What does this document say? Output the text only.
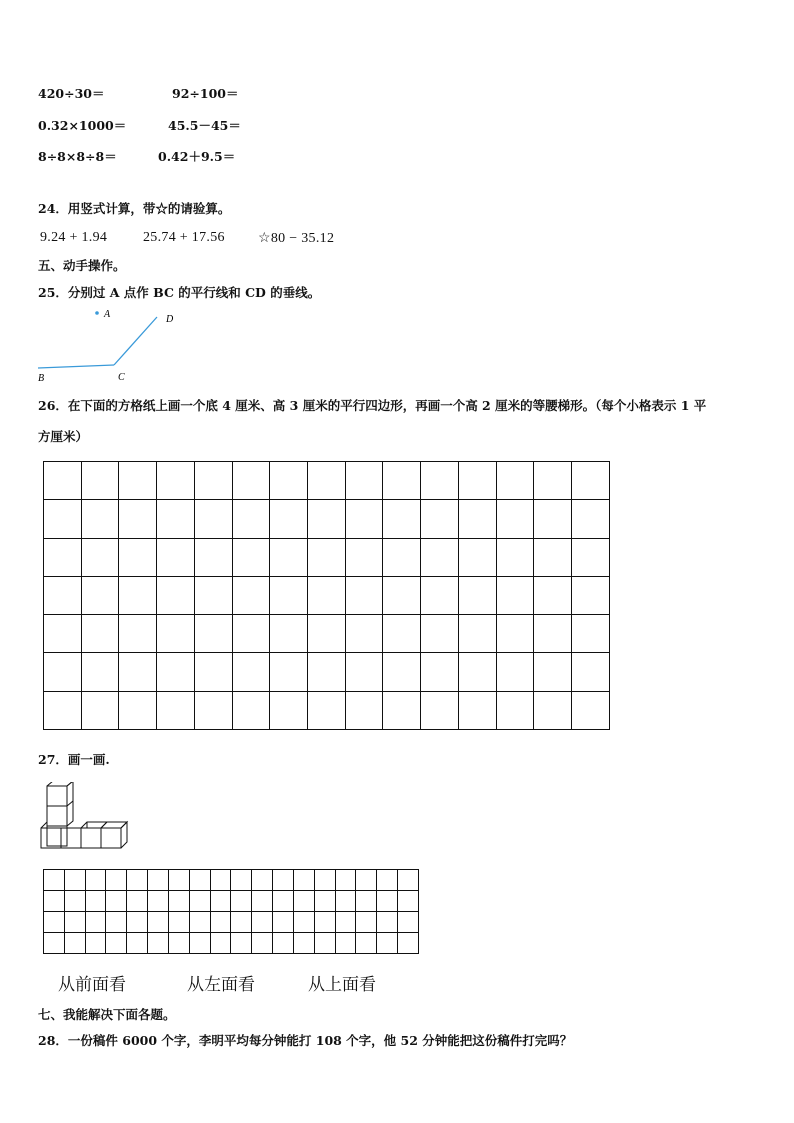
420÷30＝	92÷100＝
0.32×1000＝	45.5－45＝
8÷8×8÷8＝	0.42＋9.5＝
24．用竖式计算，带☆的请验算。
9.24 + 1.94	25.74 + 17.56 ☆80 − 35.12
五、动手操作。
25．分别过 A 点作 BC 的平行线和 CD 的垂线。
A
B	C
D
26．在下面的方格纸上画一个底 4 厘米、高 3 厘米的平行四边形，再画一个高 2 厘米的等腰梯形。（每个小格表示 1 平
方厘米）

27．画一画.

从前面看	从左面看	从上面看
七、我能解决下面各题。
28．一份稿件 6000 个字，李明平均每分钟能打 108 个字，他 52 分钟能把这份稿件打完吗？
